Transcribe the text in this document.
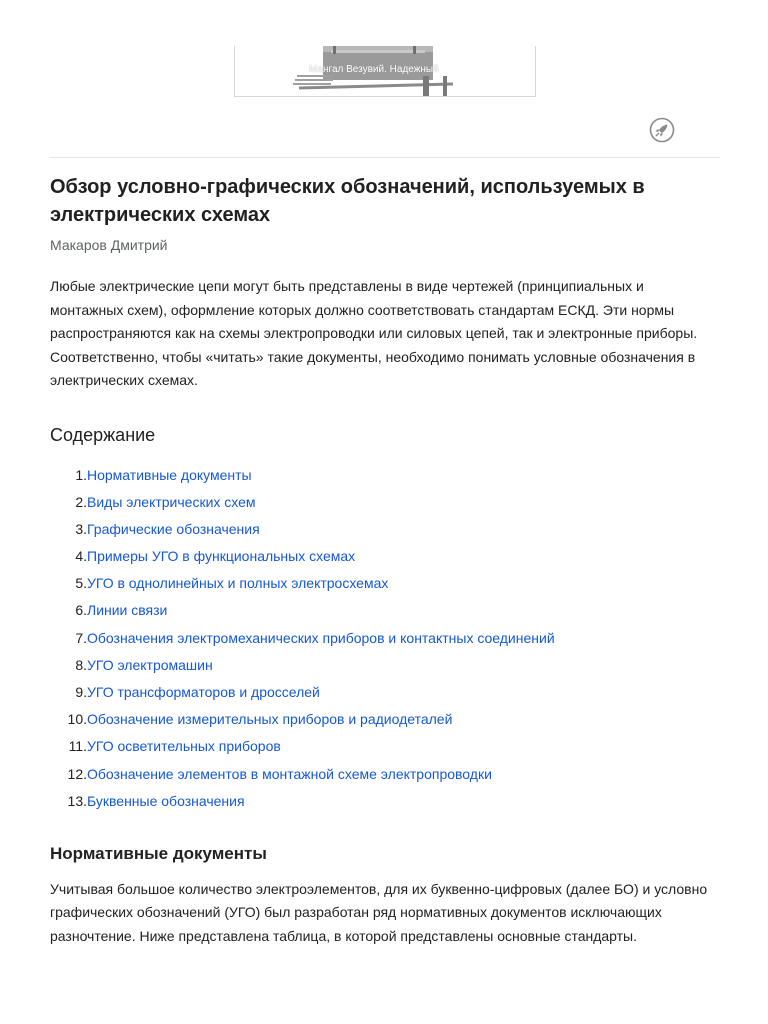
Мангал Везувий. Надежный
Обзор условно-графических обозначений, используемых в электрических схемах
Макаров Дмитрий

Любые электрические цепи могут быть представлены в виде чертежей (принципиальных и монтажных схем), оформление которых должно соответствовать стандартам ЕСКД. Эти нормы распространяются как на схемы электропроводки или силовых цепей, так и электронные приборы. Соответственно, чтобы «читать» такие документы, необходимо понимать условные обозначения в электрических схемах.

Содержание
1. Нормативные документы
2. Виды электрических схем
3. Графические обозначения
4. Примеры УГО в функциональных схемах
5. УГО в однолинейных и полных электросхемах
6. Линии связи
7. Обозначения электромеханических приборов и контактных соединений
8. УГО электромашин
9. УГО трансформаторов и дросселей
10. Обозначение измерительных приборов и радиодеталей
11. УГО осветительных приборов
12. Обозначение элементов в монтажной схеме электропроводки
13. Буквенные обозначения
Нормативные документы

Учитывая большое количество электроэлементов, для их буквенно-цифровых (далее БО) и условно графических обозначений (УГО) был разработан ряд нормативных документов исключающих разночтение. Ниже представлена таблица, в которой представлены основные стандарты.
